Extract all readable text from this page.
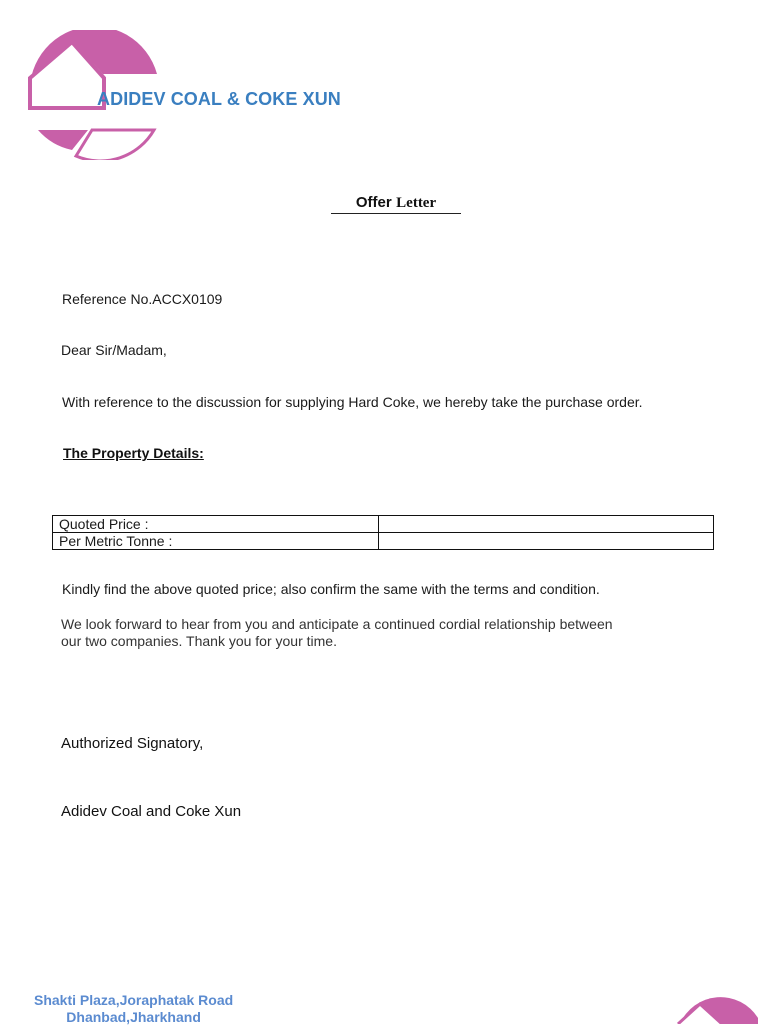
ADIDEV COAL & COKE XUN
Offer Letter
Reference No.ACCX0109
Dear Sir/Madam,
With reference to the discussion for supplying Hard Coke, we hereby take the purchase order.
The Property Details:
Quoted Price :	
Per Metric Tonne :	
Kindly find the above quoted price; also confirm the same with the terms and condition.
We look forward to hear from you and anticipate a continued cordial relationship between
our two companies. Thank you for your time.
Authorized Signatory,
Adidev Coal and Coke Xun
Shakti Plaza,Joraphatak Road
Dhanbad,Jharkhand
